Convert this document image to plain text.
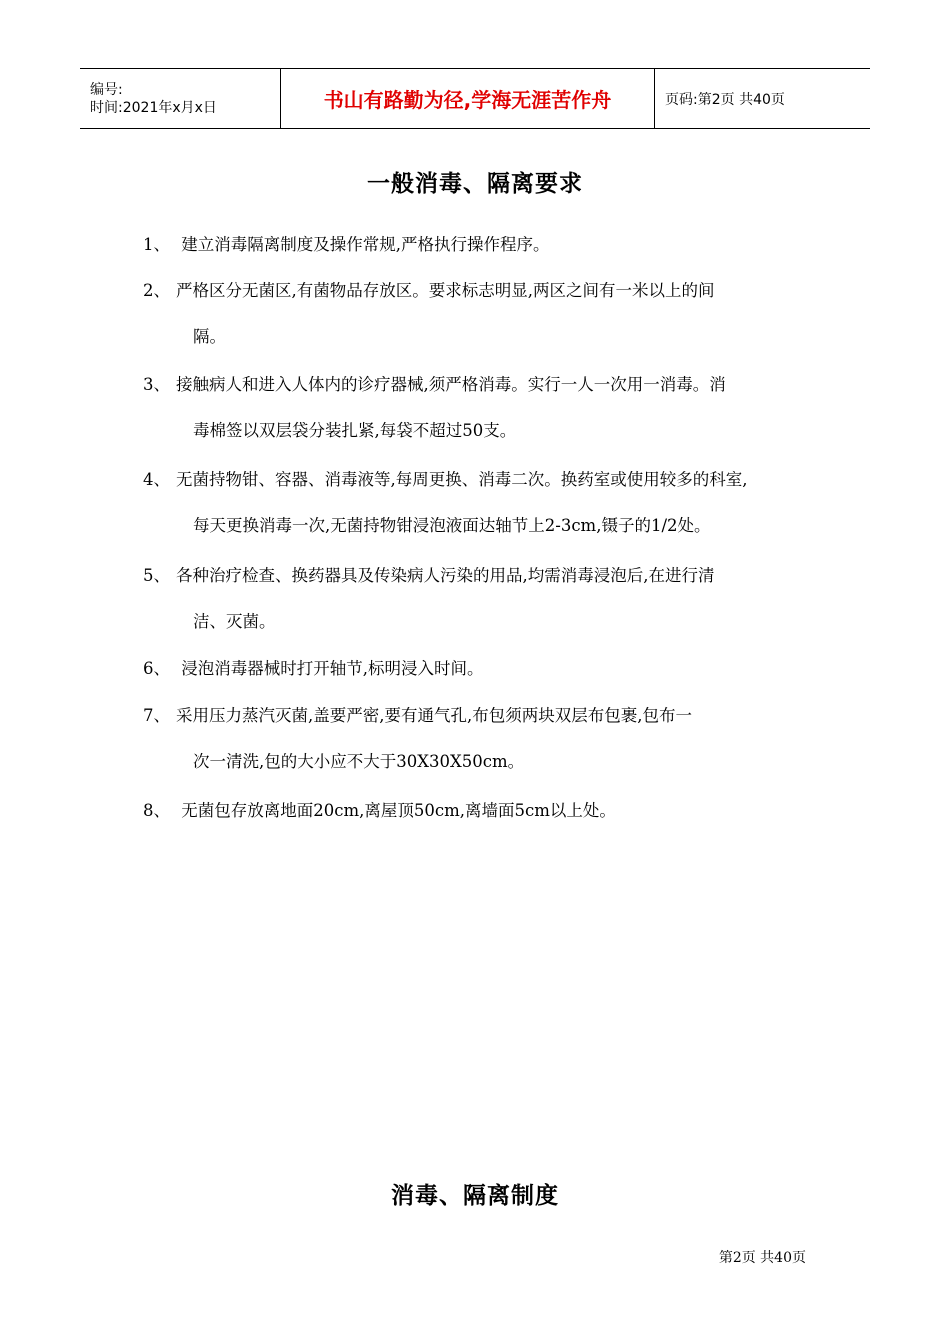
编号:
时间:2021年x月x日	书山有路勤为径,学海无涯苦作舟	页码:第2页 共40页
一般消毒、隔离要求
1、 建立消毒隔离制度及操作常规,严格执行操作程序。
2、 严格区分无菌区,有菌物品存放区。要求标志明显,两区之间有一米以上的间
隔。
3、 接触病人和进入人体内的诊疗器械,须严格消毒。实行一人一次用一消毒。消
毒棉签以双层袋分装扎紧,每袋不超过50支。
4、 无菌持物钳、容器、消毒液等,每周更换、消毒二次。换药室或使用较多的科室,
每天更换消毒一次,无菌持物钳浸泡液面达轴节上2-3cm,镊子的1/2处。
5、 各种治疗检查、换药器具及传染病人污染的用品,均需消毒浸泡后,在进行清
洁、灭菌。
6、 浸泡消毒器械时打开轴节,标明浸入时间。
7、 采用压力蒸汽灭菌,盖要严密,要有通气孔,布包须两块双层布包裹,包布一
次一清洗,包的大小应不大于30X30X50cm。
8、 无菌包存放离地面20cm,离屋顶50cm,离墙面5cm以上处。
消毒、隔离制度
第2页 共40页
